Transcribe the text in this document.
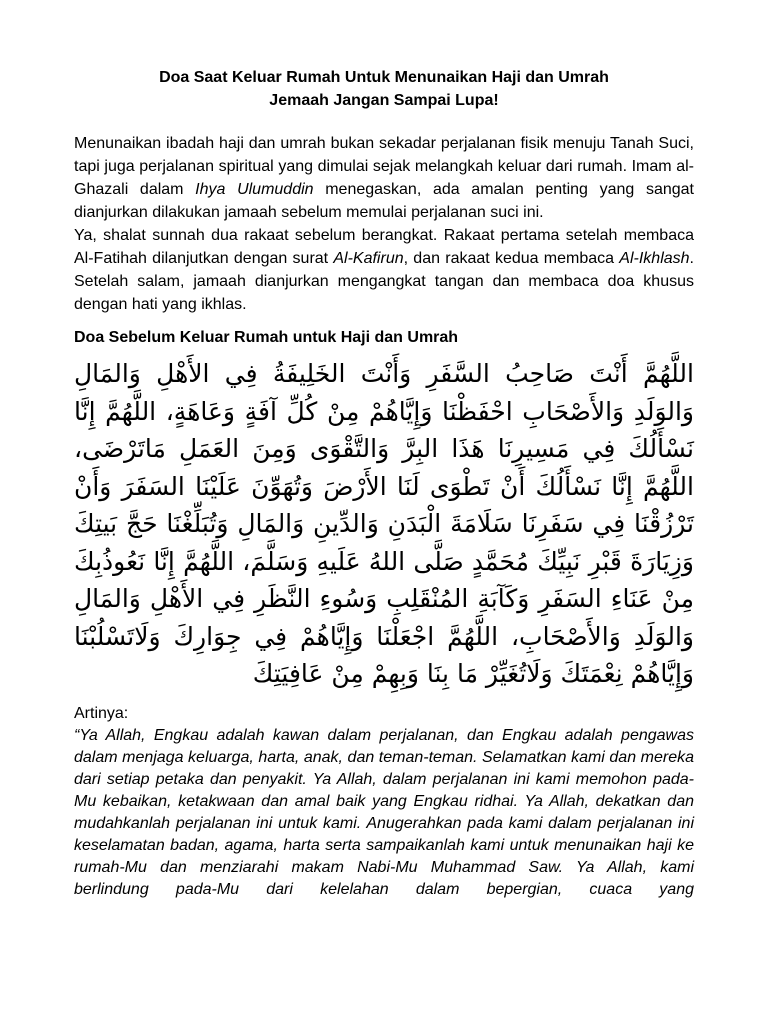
Doa Saat Keluar Rumah Untuk Menunaikan Haji dan Umrah
Jemaah Jangan Sampai Lupa!

Menunaikan ibadah haji dan umrah bukan sekadar perjalanan fisik menuju Tanah Suci, tapi juga perjalanan spiritual yang dimulai sejak melangkah keluar dari rumah. Imam al-Ghazali dalam Ihya Ulumuddin menegaskan, ada amalan penting yang sangat dianjurkan dilakukan jamaah sebelum memulai perjalanan suci ini.

Ya, shalat sunnah dua rakaat sebelum berangkat. Rakaat pertama setelah membaca Al-Fatihah dilanjutkan dengan surat Al-Kafirun, dan rakaat kedua membaca Al-Ikhlash. Setelah salam, jamaah dianjurkan mengangkat tangan dan membaca doa khusus dengan hati yang ikhlas.

Doa Sebelum Keluar Rumah untuk Haji dan Umrah

اللَّهُمَّ أَنْتَ صَاحِبُ السَّفَرِ وَأَنْتَ الخَلِيفَةُ فِي الأَهْلِ وَالمَالِ وَالوَلَدِ وَالأَصْحَابِ احْفَظْنَا وَإِيَّاهُمْ مِنْ كُلِّ آفَةٍ وَعَاهَةٍ، اللَّهُمَّ إِنَّا نَسْأَلُكَ فِي مَسِيرِنَا هَذَا البِرَّ وَالتَّقْوَى وَمِنَ العَمَلِ مَاتَرْضَى، اللَّهُمَّ إِنَّا نَسْأَلُكَ أَنْ تَطْوَى لَنَا الأَرْضَ وَتُهَوِّنَ عَلَيْنَا السَفَرَ وَأَنْ تَرْزُقْنَا فِي سَفَرِنَا سَلَامَةَ الْبَدَنِ وَالدِّينِ وَالمَالِ وَتُبَلِّغْنَا حَجَّ بَيتِكَ وَزِيَارَةَ قَبْرِ نَبِيِّكَ مُحَمَّدٍ صَلَّى اللهُ عَلَيهِ وَسَلَّمَ، اللَّهُمَّ إِنَّا نَعُوذُبِكَ مِنْ عَنَاءِ السَفَرِ وَكَآبَةِ المُنْقَلِبِ وَسُوءِ النَّظَرِ فِي الأَهْلِ وَالمَالِ وَالوَلَدِ وَالأَصْحَابِ، اللَّهُمَّ اجْعَلْنَا وَإِيَّاهُمْ فِي جِوَارِكَ وَلَاتَسْلُبْنَا وَإِيَّاهُمْ نِعْمَتَكَ وَلَاتُغَيِّرْ مَا بِنَا وَبِهِمْ مِنْ عَافِيَتِكَ

Artinya:

“Ya Allah, Engkau adalah kawan dalam perjalanan, dan Engkau adalah pengawas dalam menjaga keluarga, harta, anak, dan teman-teman. Selamatkan kami dan mereka dari setiap petaka dan penyakit. Ya Allah, dalam perjalanan ini kami memohon pada-Mu kebaikan, ketakwaan dan amal baik yang Engkau ridhai. Ya Allah, dekatkan dan mudahkanlah perjalanan ini untuk kami. Anugerahkan pada kami dalam perjalanan ini keselamatan badan, agama, harta serta sampaikanlah kami untuk menunaikan haji ke rumah-Mu dan menziarahi makam Nabi-Mu Muhammad Saw. Ya Allah, kami berlindung pada-Mu dari kelelahan dalam bepergian, cuaca yang
